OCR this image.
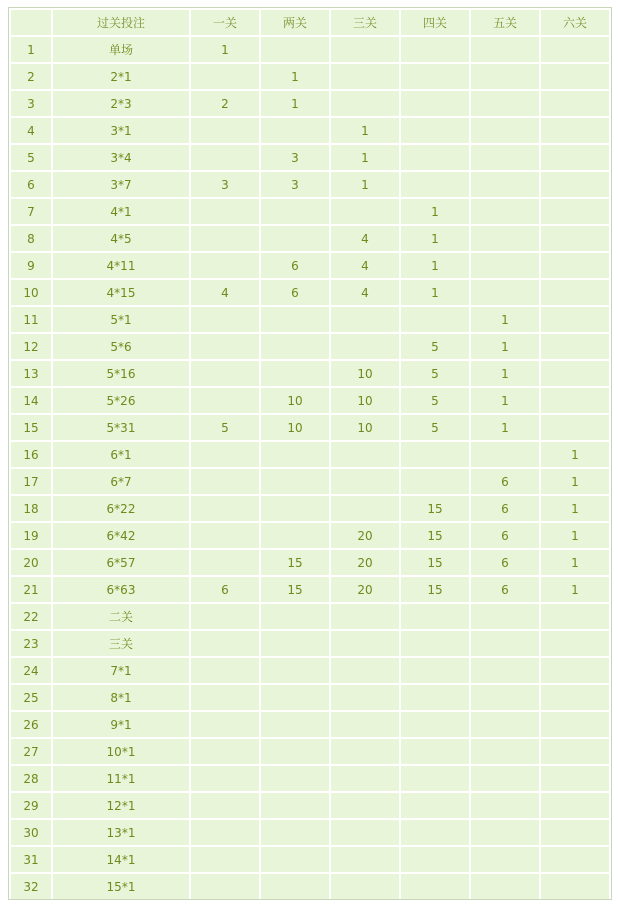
	过关投注	一关	两关	三关	四关	五关	六关
1	单场	1					
2	2*1		1				
3	2*3	2	1				
4	3*1			1			
5	3*4		3	1			
6	3*7	3	3	1			
7	4*1				1		
8	4*5			4	1		
9	4*11		6	4	1		
10	4*15	4	6	4	1		
11	5*1					1	
12	5*6				5	1	
13	5*16			10	5	1	
14	5*26		10	10	5	1	
15	5*31	5	10	10	5	1	
16	6*1						1
17	6*7					6	1
18	6*22				15	6	1
19	6*42			20	15	6	1
20	6*57		15	20	15	6	1
21	6*63	6	15	20	15	6	1
22	二关						
23	三关						
24	7*1						
25	8*1						
26	9*1						
27	10*1						
28	11*1						
29	12*1						
30	13*1						
31	14*1						
32	15*1						
